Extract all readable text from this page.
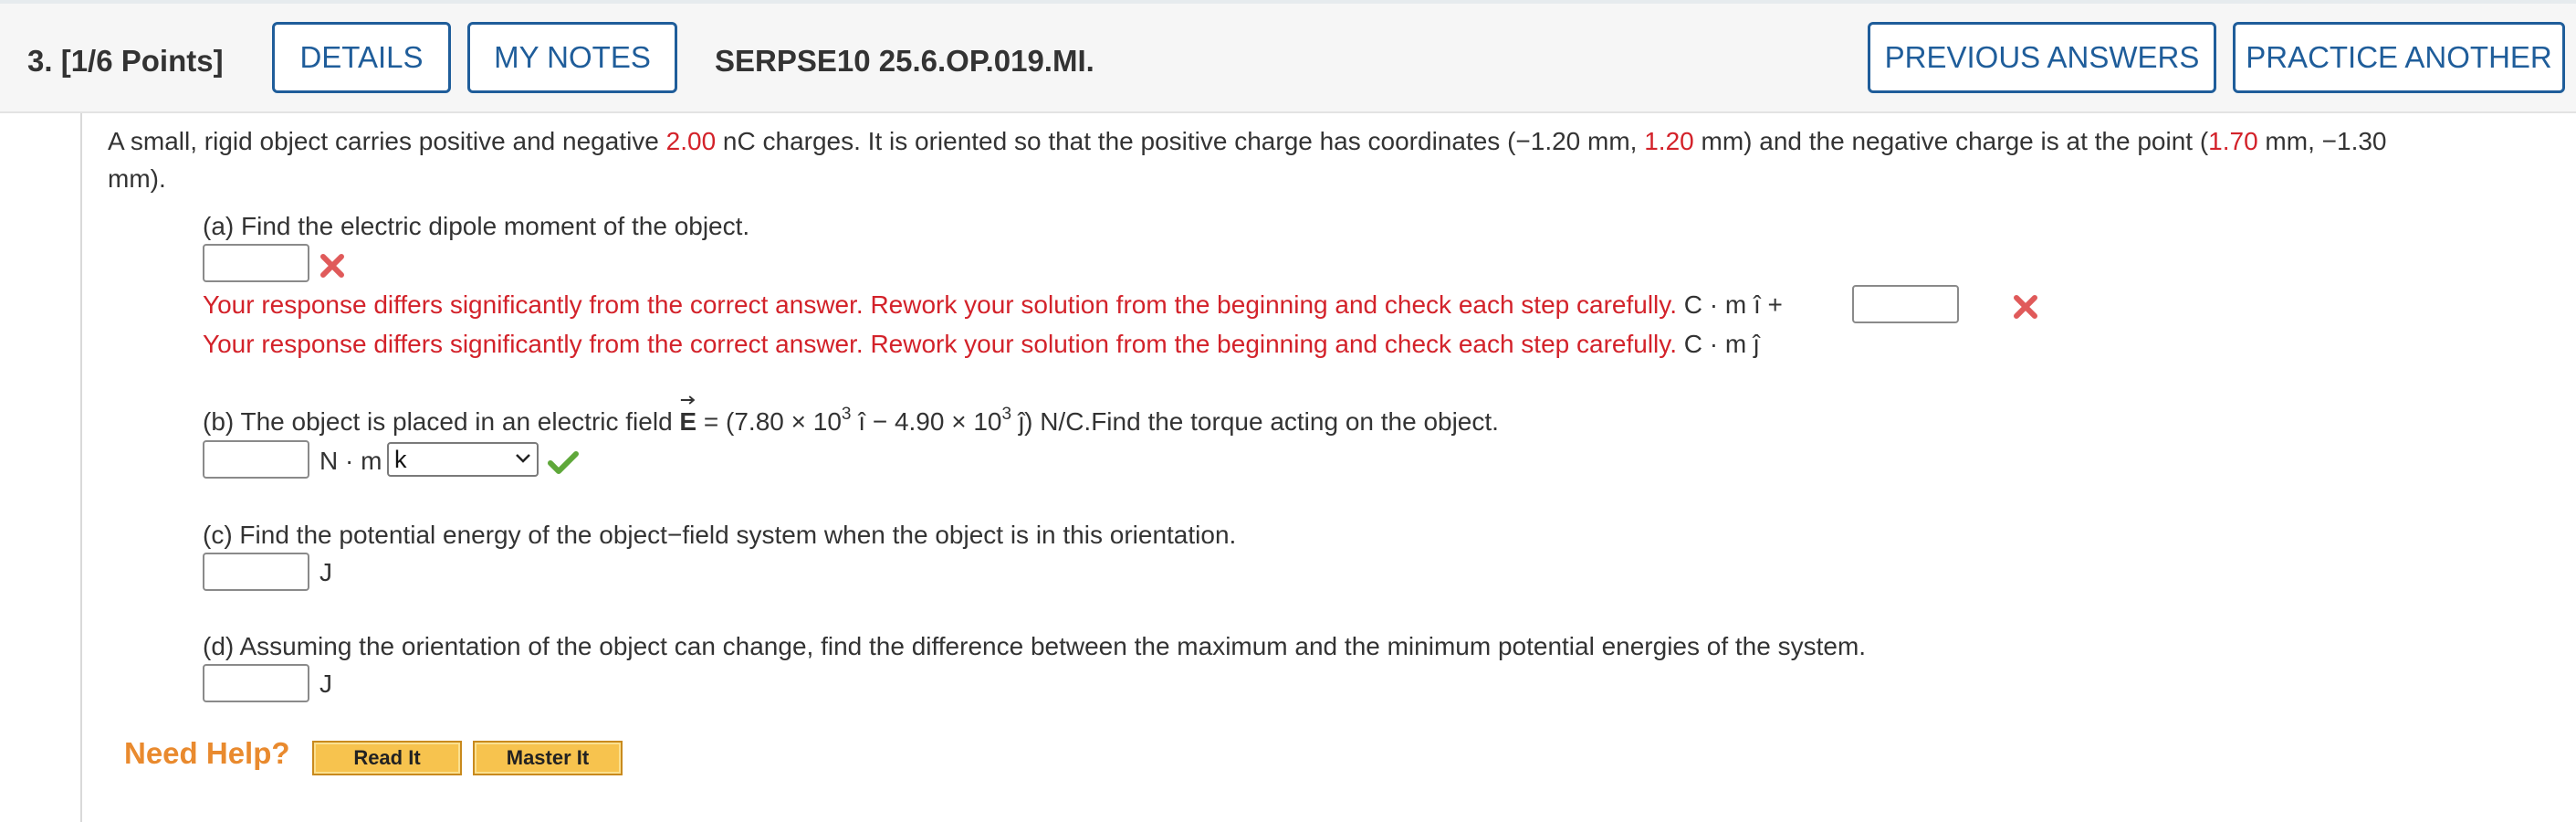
3. [1/6 Points]	DETAILS	MY NOTES	SERPSE10 25.6.OP.019.MI.	PREVIOUS ANSWERS	PRACTICE ANOTHER
A small, rigid object carries positive and negative 2.00 nC charges. It is oriented so that the positive charge has coordinates (−1.20 mm, 1.20 mm) and the negative charge is at the point (1.70 mm, −1.30
mm).
(a) Find the electric dipole moment of the object.
Your response differs significantly from the correct answer. Rework your solution from the beginning and check each step carefully. C · m î +
Your response differs significantly from the correct answer. Rework your solution from the beginning and check each step carefully. C · m ĵ
(b) The object is placed in an electric field
$E = (7.80 \times 10^3$ î − $4.90 \times 10^3$ ĵ) N/C.Find the torque acting on the object.
N · m k
(c) Find the potential energy of the object−field system when the object is in this orientation.
J
(d) Assuming the orientation of the object can change, find the difference between the maximum and the minimum potential energies of the system.
J
Need Help?	Read It	Master It
